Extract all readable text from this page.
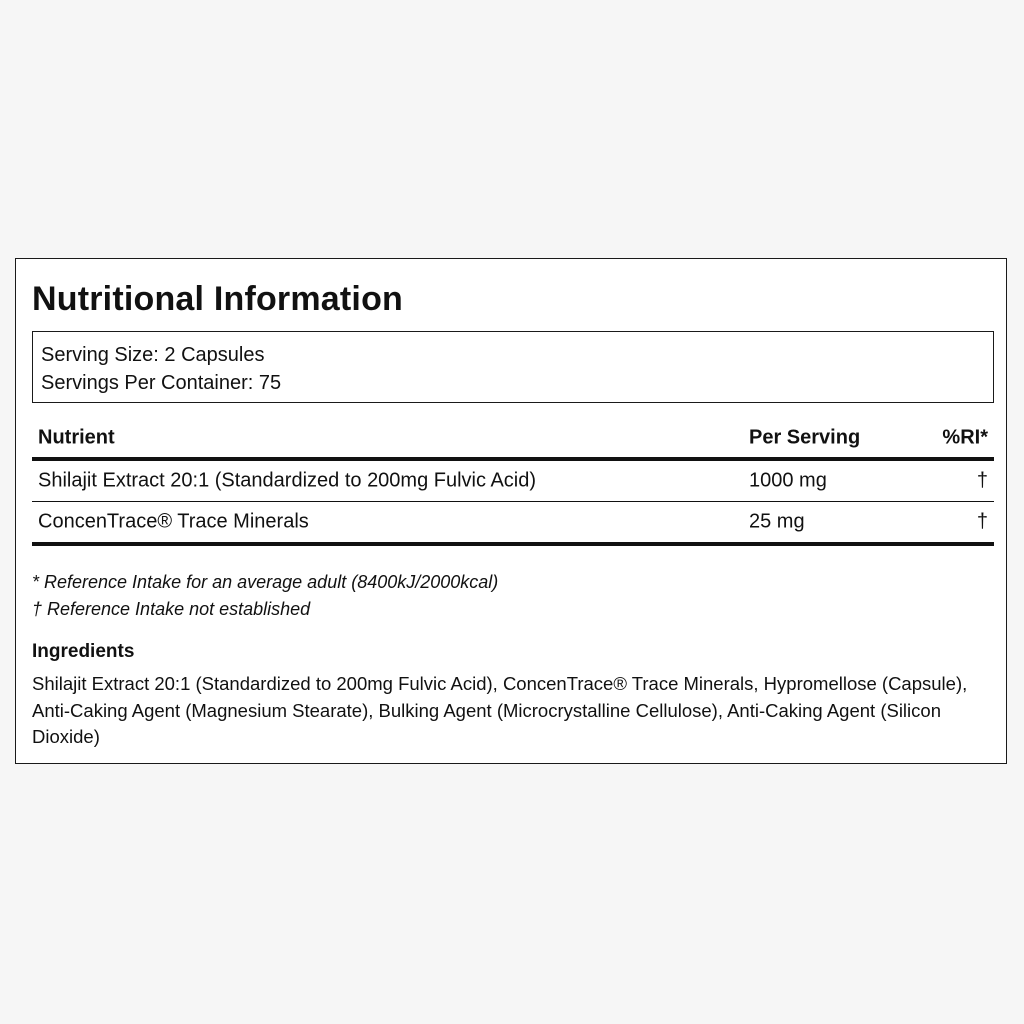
Nutritional Information
Serving Size: 2 Capsules
Servings Per Container: 75
Nutrient	Per Serving	%RI*
Shilajit Extract 20:1 (Standardized to 200mg Fulvic Acid)	1000 mg	†
ConcenTrace® Trace Minerals	25 mg	†
* Reference Intake for an average adult (8400kJ/2000kcal)
† Reference Intake not established
Ingredients

Shilajit Extract 20:1 (Standardized to 200mg Fulvic Acid), ConcenTrace® Trace Minerals, Hypromellose (Capsule), Anti-Caking Agent (Magnesium Stearate), Bulking Agent (Microcrystalline Cellulose), Anti-Caking Agent (Silicon Dioxide)
